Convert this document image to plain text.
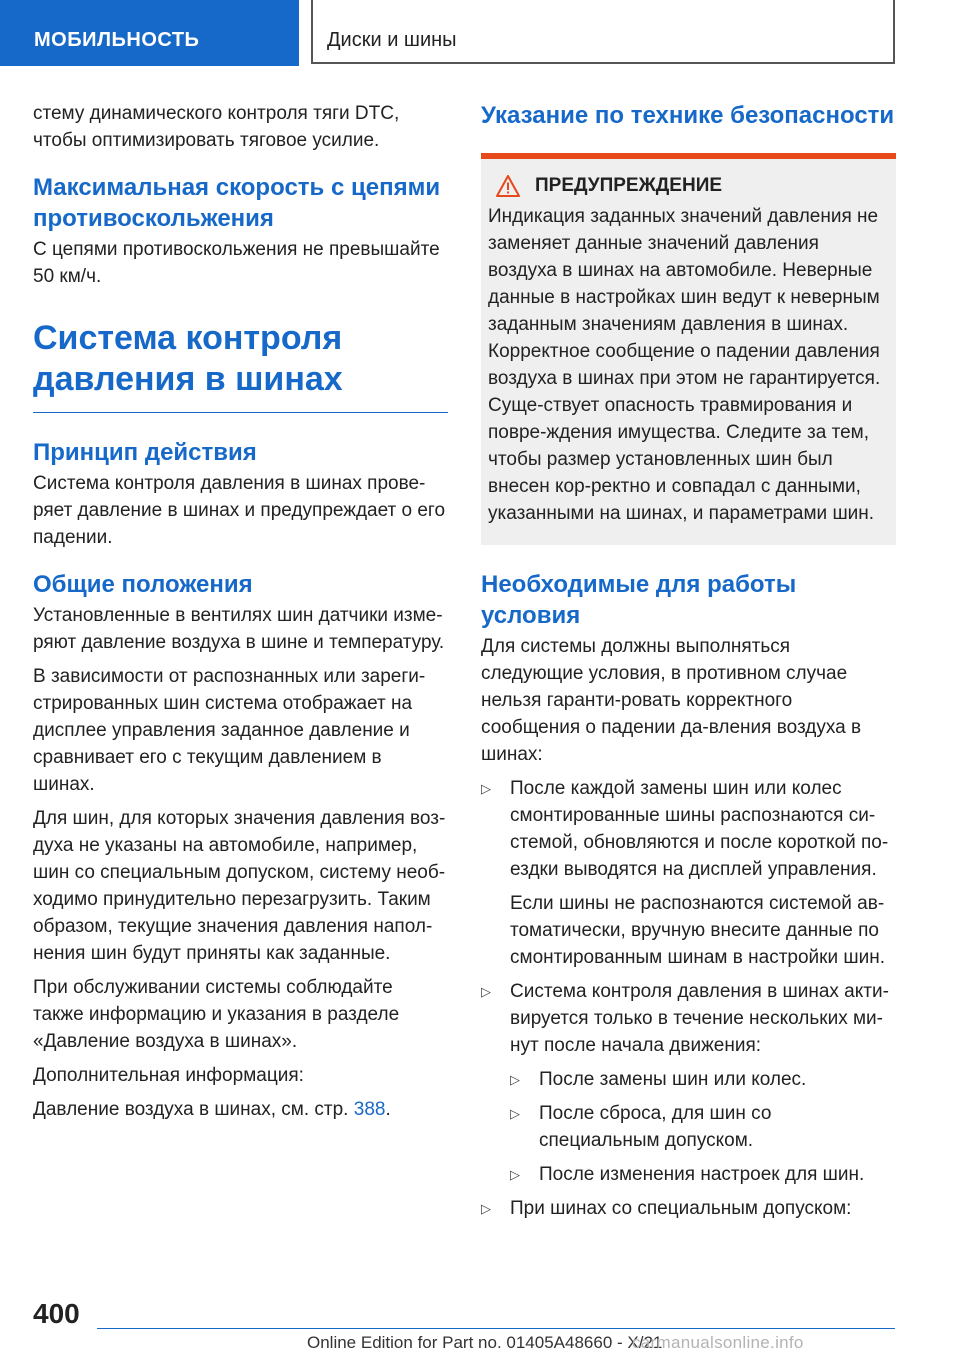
МОБИЛЬНОСТЬ	Диски и шины

стему динамического контроля тяги DTC, чтобы оптимизировать тяговое усилие.

Максимальная скорость с цепями противоскольжения

С цепями противоскольжения не превышайте 50 км/ч.

Система контроля давления в шинах
Принцип действия

Система контроля давления в шинах прове-ряет давление в шинах и предупреждает о его падении.

Общие положения

Установленные в вентилях шин датчики изме-ряют давление воздуха в шине и температуру.

В зависимости от распознанных или зареги-стрированных шин система отображает на дисплее управления заданное давление и сравнивает его с текущим давлением в шинах.

Для шин, для которых значения давления воз-духа не указаны на автомобиле, например, шин со специальным допуском, систему необ-ходимо принудительно перезагрузить. Таким образом, текущие значения давления напол-нения шин будут приняты как заданные.

При обслуживании системы соблюдайте также информацию и указания в разделе «Давление воздуха в шинах».

Дополнительная информация:

Давление воздуха в шинах, см. стр. 388.

Указание по технике безопасности
ПРЕДУПРЕЖДЕНИЕ

Индикация заданных значений давления не заменяет данные значений давления воздуха в шинах на автомобиле. Неверные данные в настройках шин ведут к неверным заданным значениям давления в шинах. Корректное сообщение о падении давления воздуха в шинах при этом не гарантируется. Суще-ствует опасность травмирования и повре-ждения имущества. Следите за тем, чтобы размер установленных шин был внесен кор-ректно и совпадал с данными, указанными на шинах, и параметрами шин.

Необходимые для работы условия

Для системы должны выполняться следующие условия, в противном случае нельзя гаранти-ровать корректного сообщения о падении да-вления воздуха в шинах:

▷ После каждой замены шин или колес смонтированные шины распознаются си-стемой, обновляются и после короткой по-ездки выводятся на дисплей управления.

Если шины не распознаются системой ав-томатически, вручную внесите данные по смонтированным шинам в настройки шин.

▷ Система контроля давления в шинах акти-вируется только в течение нескольких ми-нут после начала движения:

▷ После замены шин или колес.

▷ После сброса, для шин со специальным допуском.

▷ После изменения настроек для шин.

▷ При шинах со специальным допуском:

400
Online Edition for Part no. 01405A48660 - X/21
carmanualsonline.info
